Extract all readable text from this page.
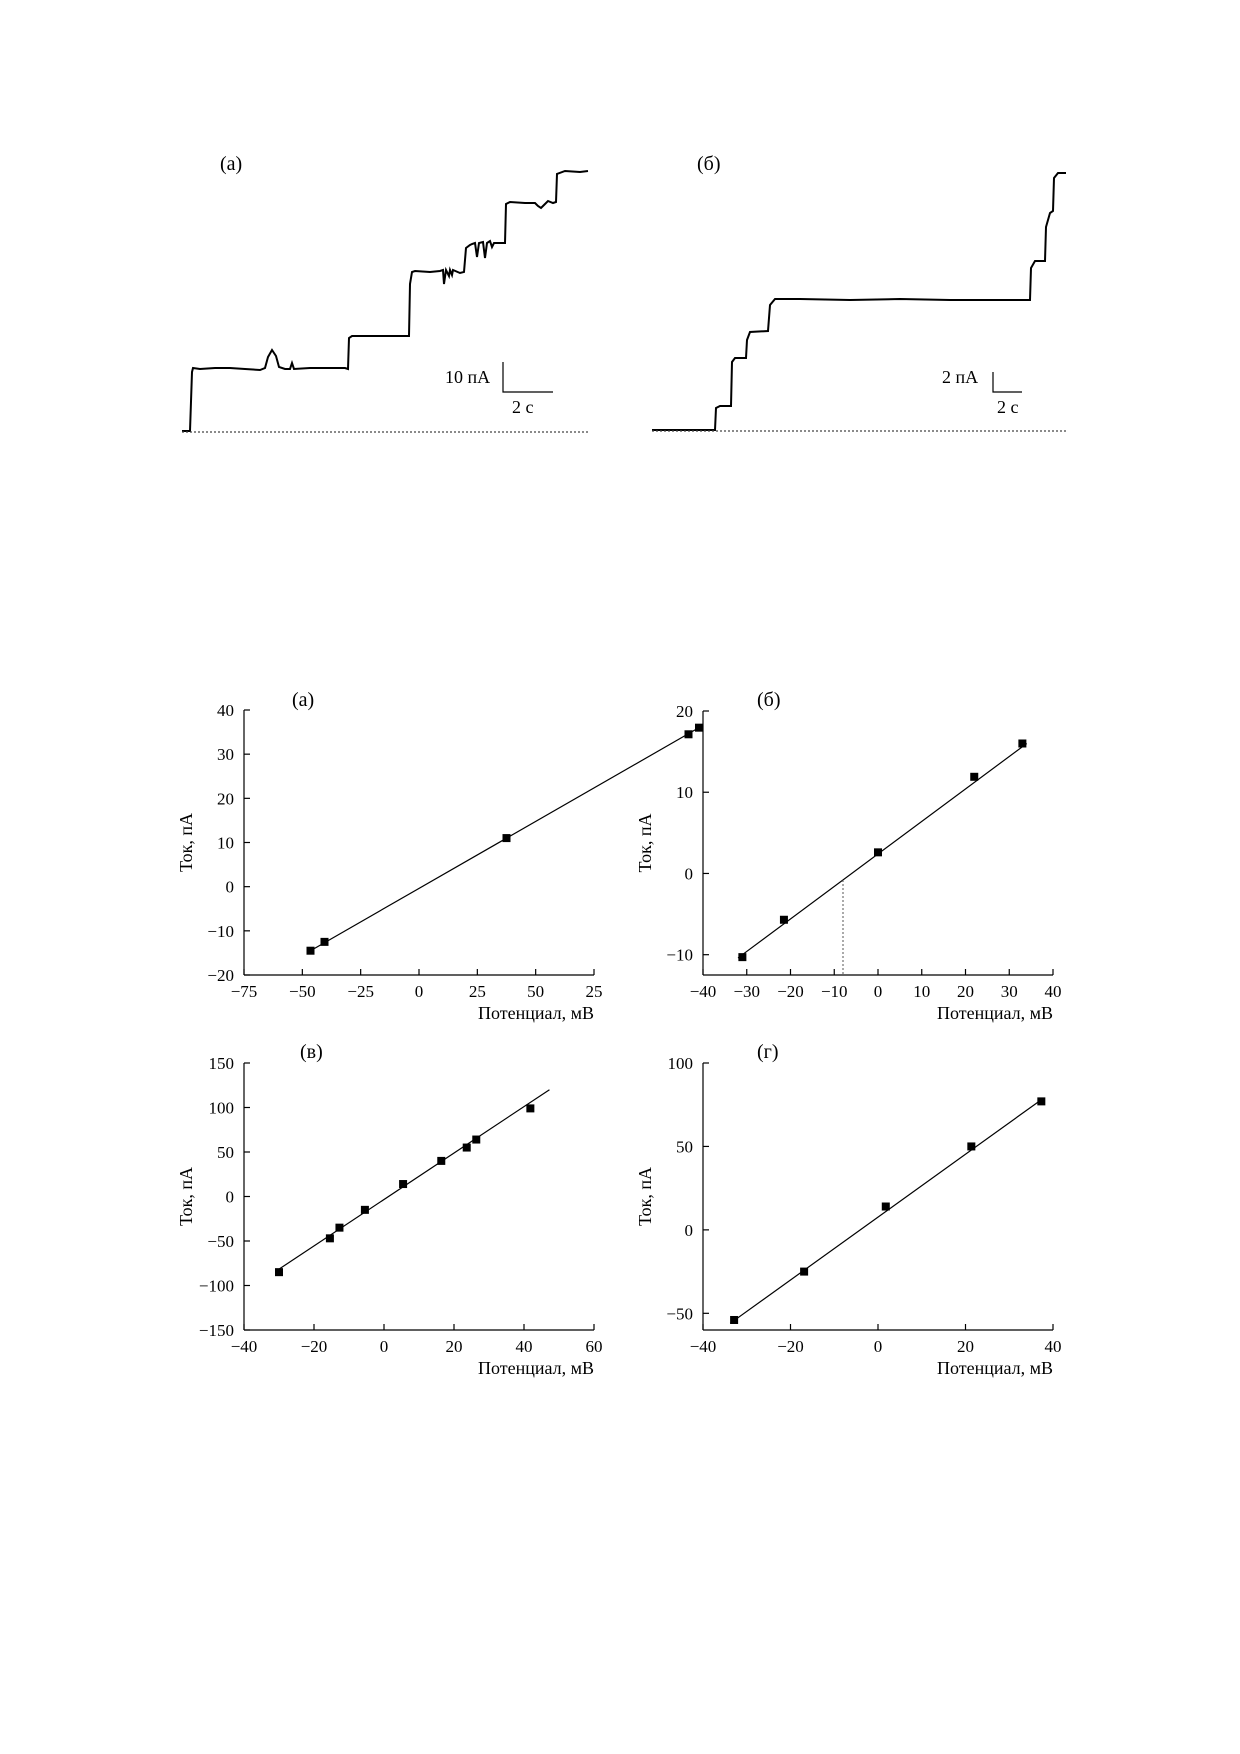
(а)
10 пА
2 с
(б)
2 пА
2 с
−75 −50 −25 0	25 50 25
−20
−10
0
10
20
30
40
Потенциал, мВ
Ток, пА
(а)
−40 −30 −20 −10 0 10 20 30 40
−10
0
10
20
Потенциал, мВ
Ток, пА
(б)
−40	−20	0	20	40	60
−150
−100
−50
0
50
100
150
Потенциал, мВ
Ток, пА
(в)
−40	−20	0	20	40
−50
0
50
100
Потенциал, мВ
Ток, пА
(г)
